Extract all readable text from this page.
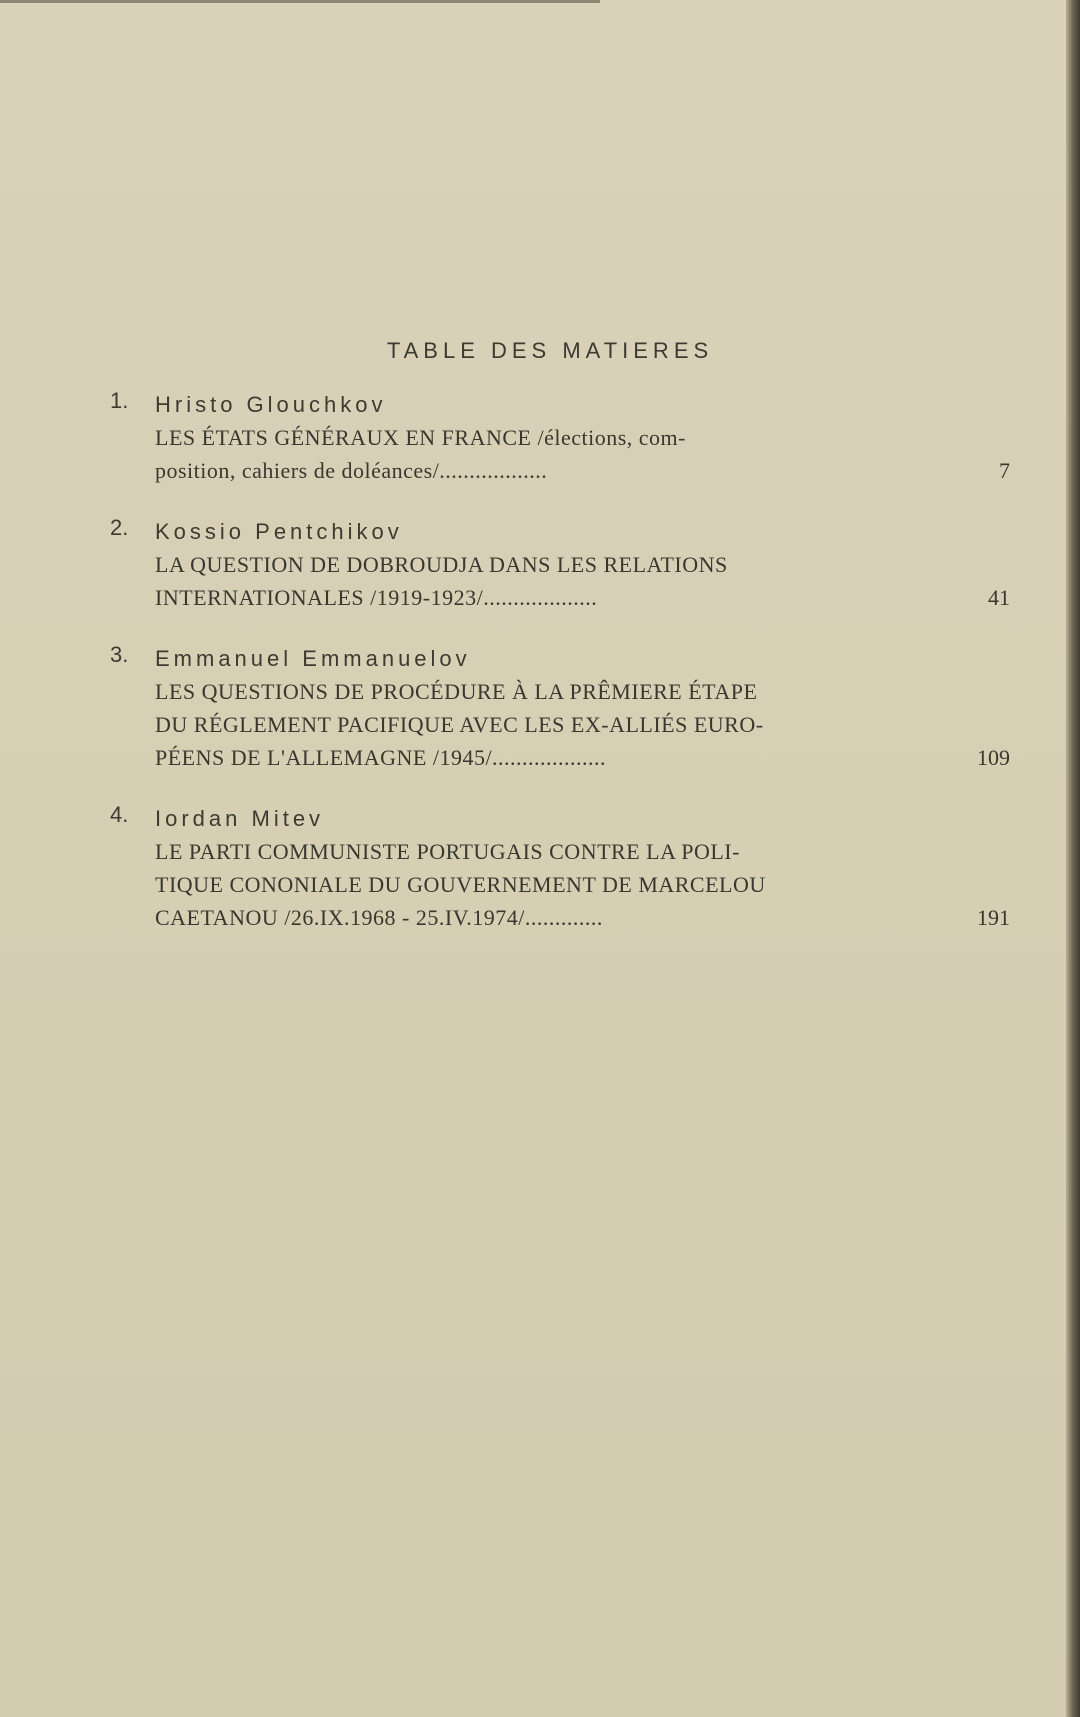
TABLE DES MATIERES
1.	Hristo Glouchkov
LES ÉTATS GÉNÉRAUX EN FRANCE /élections, com-
position, cahiers de doléances/..................	7
2.	Kossio Pentchikov
LA QUESTION DE DOBROUDJA DANS LES RELATIONS
INTERNATIONALES /1919-1923/...................	41
3.	Emmanuel Emmanuelov
LES QUESTIONS DE PROCÉDURE À LA PRÊMIERE ÉTAPE
DU RÉGLEMENT PACIFIQUE AVEC LES EX-ALLIÉS EURO-
PÉENS DE L'ALLEMAGNE /1945/...................	109
4.	Iordan Mitev
LE PARTI COMMUNISTE PORTUGAIS CONTRE LA POLI-
TIQUE CONONIALE DU GOUVERNEMENT DE MARCELOU
CAETANOU /26.IX.1968 - 25.IV.1974/.............	191
